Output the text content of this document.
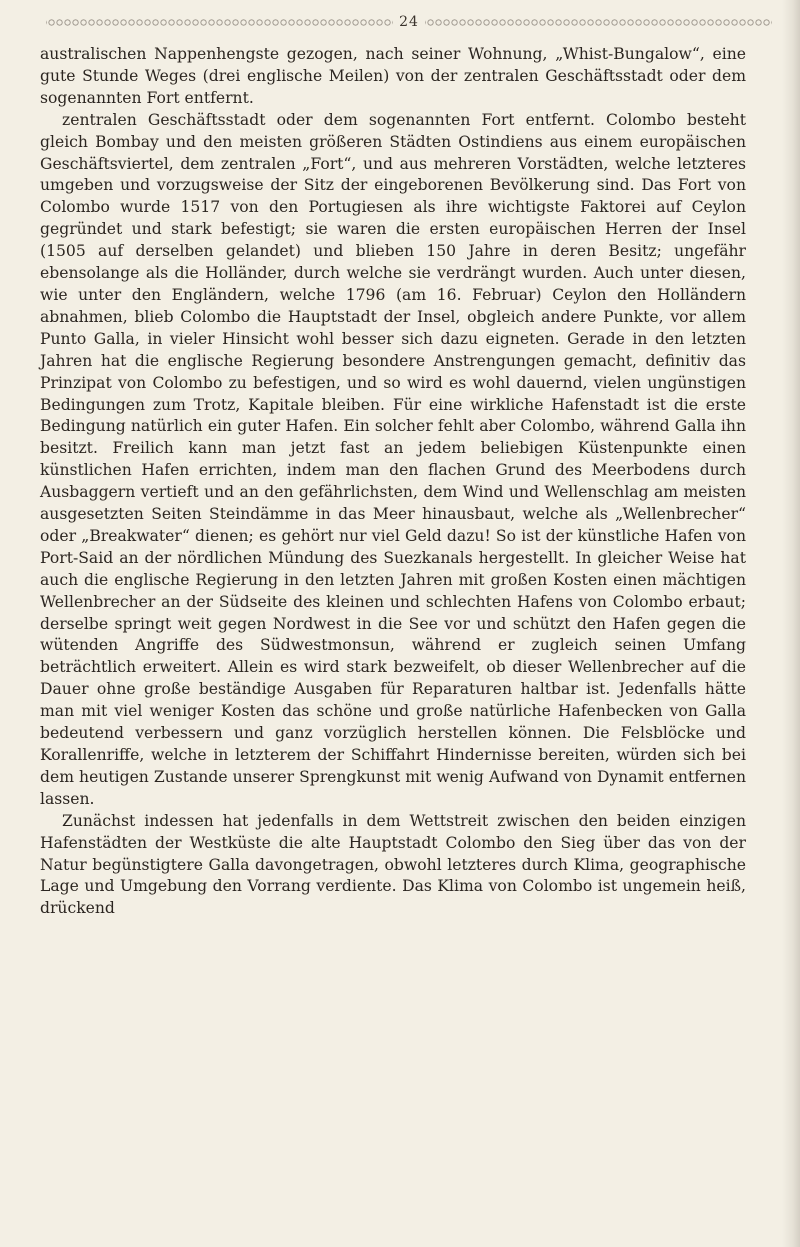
24

australischen Nappenhengste gezogen, nach seiner Wohnung, „Whist-Bungalow“, eine gute Stunde Weges (drei englische Meilen) von der zentralen Geschäftsstadt oder dem sogenannten Fort entfernt.

zentralen Geschäftsstadt oder dem sogenannten Fort entfernt. Colombo besteht gleich Bombay und den meisten größeren Städten Ostindiens aus einem europäischen Geschäftsviertel, dem zentralen „Fort“, und aus mehreren Vorstädten, welche letzteres umgeben und vorzugsweise der Sitz der eingeborenen Bevölkerung sind. Das Fort von Colombo wurde 1517 von den Portugiesen als ihre wichtigste Faktorei auf Ceylon gegründet und stark befestigt; sie waren die ersten europäischen Herren der Insel (1505 auf derselben gelandet) und blieben 150 Jahre in deren Besitz; ungefähr ebensolange als die Holländer, durch welche sie verdrängt wurden. Auch unter diesen, wie unter den Engländern, welche 1796 (am 16. Februar) Ceylon den Holländern abnahmen, blieb Colombo die Hauptstadt der Insel, obgleich andere Punkte, vor allem Punto Galla, in vieler Hinsicht wohl besser sich dazu eigneten. Gerade in den letzten Jahren hat die englische Regierung besondere Anstrengungen gemacht, definitiv das Prinzipat von Colombo zu befestigen, und so wird es wohl dauernd, vielen ungünstigen Bedingungen zum Trotz, Kapitale bleiben. Für eine wirkliche Hafenstadt ist die erste Bedingung natürlich ein guter Hafen. Ein solcher fehlt aber Colombo, während Galla ihn besitzt. Freilich kann man jetzt fast an jedem beliebigen Küstenpunkte einen künstlichen Hafen errichten, indem man den flachen Grund des Meerbodens durch Ausbaggern vertieft und an den gefährlichsten, dem Wind und Wellenschlag am meisten ausgesetzten Seiten Steindämme in das Meer hinausbaut, welche als „Wellenbrecher“ oder „Breakwater“ dienen; es gehört nur viel Geld dazu! So ist der künstliche Hafen von Port-Said an der nördlichen Mündung des Suezkanals hergestellt. In gleicher Weise hat auch die englische Regierung in den letzten Jahren mit großen Kosten einen mächtigen Wellenbrecher an der Südseite des kleinen und schlechten Hafens von Colombo erbaut; derselbe springt weit gegen Nordwest in die See vor und schützt den Hafen gegen die wütenden Angriffe des Südwestmonsun, während er zugleich seinen Umfang beträchtlich erweitert. Allein es wird stark bezweifelt, ob dieser Wellenbrecher auf die Dauer ohne große beständige Ausgaben für Reparaturen haltbar ist. Jedenfalls hätte man mit viel weniger Kosten das schöne und große natürliche Hafenbecken von Galla bedeutend verbessern und ganz vorzüglich herstellen können. Die Felsblöcke und Korallenriffe, welche in letzterem der Schiffahrt Hindernisse bereiten, würden sich bei dem heutigen Zustande unserer Sprengkunst mit wenig Aufwand von Dynamit entfernen lassen.

Zunächst indessen hat jedenfalls in dem Wettstreit zwischen den beiden einzigen Hafenstädten der Westküste die alte Hauptstadt Colombo den Sieg über das von der Natur begünstigtere Galla davongetragen, obwohl letzteres durch Klima, geographische Lage und Umgebung den Vorrang verdiente. Das Klima von Colombo ist ungemein heiß, drückend
